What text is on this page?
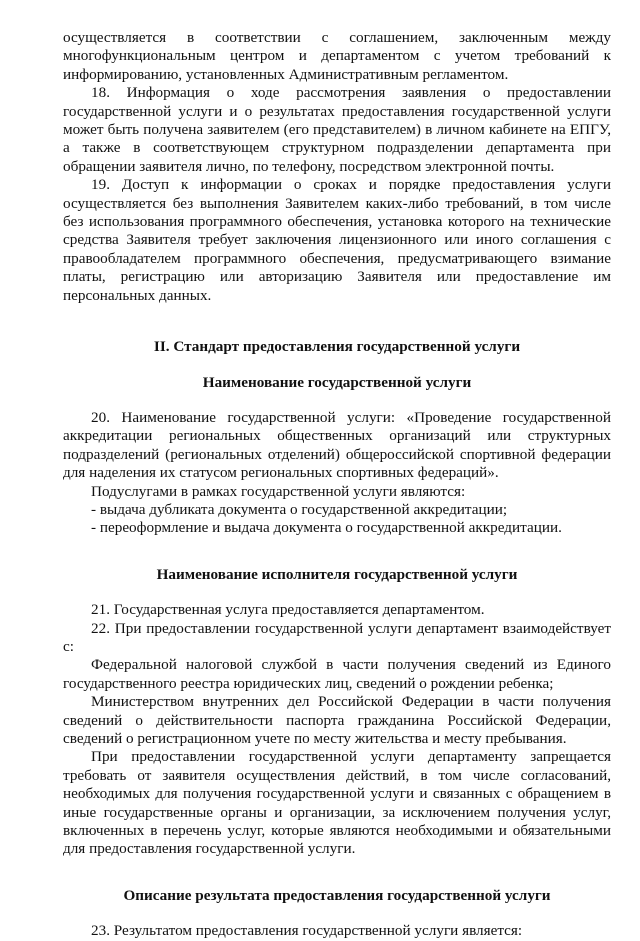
осуществляется в соответствии с соглашением, заключенным между многофункциональным центром и департаментом с учетом требований к информированию, установленных Административным регламентом.

18. Информация о ходе рассмотрения заявления о предоставлении государственной услуги и о результатах предоставления государственной услуги может быть получена заявителем (его представителем) в личном кабинете на ЕПГУ, а также в соответствующем структурном подразделении департамента при обращении заявителя лично, по телефону, посредством электронной почты.

19. Доступ к информации о сроках и порядке предоставления услуги осуществляется без выполнения Заявителем каких-либо требований, в том числе без использования программного обеспечения, установка которого на технические средства Заявителя требует заключения лицензионного или иного соглашения с правообладателем программного обеспечения, предусматривающего взимание платы, регистрацию или авторизацию Заявителя или предоставление им персональных данных.

II. Стандарт предоставления государственной услуги
Наименование государственной услуги

20. Наименование государственной услуги: «Проведение государственной аккредитации региональных общественных организаций или структурных подразделений (региональных отделений) общероссийской спортивной федерации для наделения их статусом региональных спортивных федераций».

Подуслугами в рамках государственной услуги являются:

- выдача дубликата документа о государственной аккредитации;

- переоформление и выдача документа о государственной аккредитации.

Наименование исполнителя государственной услуги

21. Государственная услуга предоставляется департаментом.

22. При предоставлении государственной услуги департамент взаимодействует с:

Федеральной налоговой службой в части получения сведений из Единого государственного реестра юридических лиц, сведений о рождении ребенка;

Министерством внутренних дел Российской Федерации в части получения сведений о действительности паспорта гражданина Российской Федерации, сведений о регистрационном учете по месту жительства и месту пребывания.

При предоставлении государственной услуги департаменту запрещается требовать от заявителя осуществления действий, в том числе согласований, необходимых для получения государственной услуги и связанных с обращением в иные государственные органы и организации, за исключением получения услуг, включенных в перечень услуг, которые являются необходимыми и обязательными для предоставления государственной услуги.

Описание результата предоставления государственной услуги

23. Результатом предоставления государственной услуги является:
